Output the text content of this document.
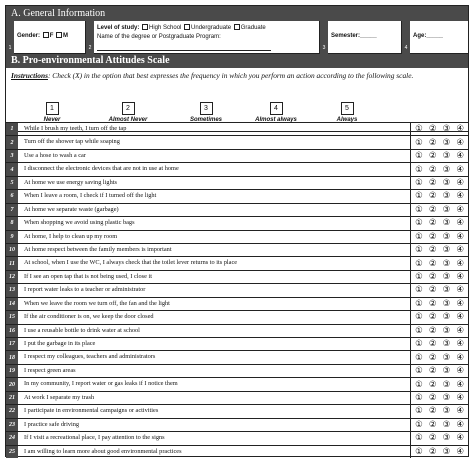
A. General Information
1
Gender: F M
2
Level of study: High School Undergraduate Graduate
Name of the degree or Postgraduate Program:
3
Semester:_____
4
Age:_____
B. Pro-environmental Attitudes Scale
Instructions: Check (X) in the option that best expresses the frequency in which you perform an action according to the following scale.
1
Never
2
Almost Never
3
Sometimes
4
Almost always
5
Always
1	While I brush my teeth, I turn off the tap	① ② ③ ④
2	Turn off the shower tap while soaping	① ② ③ ④
3	Use a hose to wash a car	① ② ③ ④
4	I disconnect the electronic devices that are not in use at home	① ② ③ ④
5	At home we use energy saving lights	① ② ③ ④
6	When I leave a room, I check if I turned off the light	① ② ③ ④
7	At home we separate waste (garbage)	① ② ③ ④
8	When shopping we avoid using plastic bags	① ② ③ ④
9	At home, I help to clean up my room	① ② ③ ④
10	At home respect between the family members is important	① ② ③ ④
11	At school, when I use the WC, I always check that the toilet lever returns to its place	① ② ③ ④
12	If I see an open tap that is not being used, I close it	① ② ③ ④
13	I report water leaks to a teacher or administrator	① ② ③ ④
14	When we leave the room we turn off, the fan and the light	① ② ③ ④
15	If the air conditioner is on, we keep the door closed	① ② ③ ④
16	I use a reusable bottle to drink water at school	① ② ③ ④
17	I put the garbage in its place	① ② ③ ④
18	I respect my colleagues, teachers and administrators	① ② ③ ④
19	I respect green areas	① ② ③ ④
20	In my community, I report water or gas leaks if I notice them	① ② ③ ④
21	At work I separate my trash	① ② ③ ④
22	I participate in environmental campaigns or activities	① ② ③ ④
23	I practice safe driving	① ② ③ ④
24	If I visit a recreational place, I pay attention to the signs	① ② ③ ④
25	I am willing to learn more about good environmental practices	① ② ③ ④
